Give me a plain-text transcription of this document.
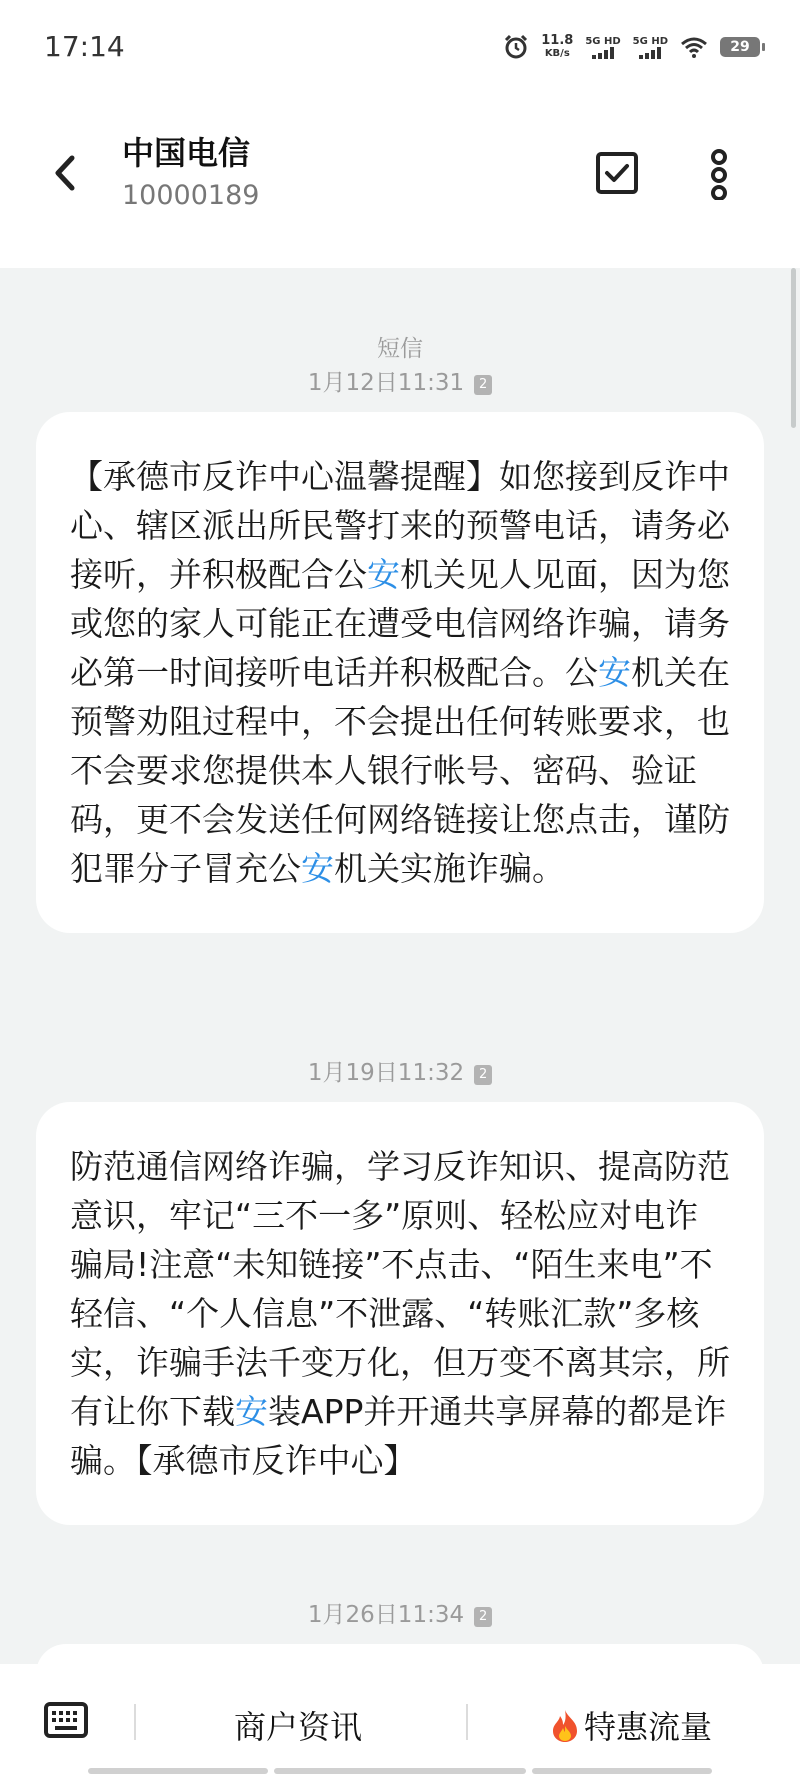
17:14	11.8
KB/s
5G HD 5G HD	29
中国电信
10000189
短信
1月12日11:31 2

【承德市反诈中心温馨提醒】如您接到反诈中心、辖区派出所民警打来的预警电话，请务必接听，并积极配合公安机关见人见面，因为您或您的家人可能正在遭受电信网络诈骗，请务必第一时间接听电话并积极配合。公安机关在预警劝阻过程中，不会提出任何转账要求，也不会要求您提供本人银行帐号、密码、验证码，更不会发送任何网络链接让您点击，谨防犯罪分子冒充公安机关实施诈骗。

1月19日11:32 2

防范通信网络诈骗，学习反诈知识、提高防范意识，牢记“三不一多”原则、轻松应对电诈骗局!注意“未知链接”不点击、“陌生来电”不轻信、“个人信息”不泄露、“转账汇款”多核实，诈骗手法千变万化，但万变不离其宗，所有让你下载安装APP并开通共享屏幕的都是诈骗。【承德市反诈中心】

1月26日11:34 2
商户资讯	特惠流量
